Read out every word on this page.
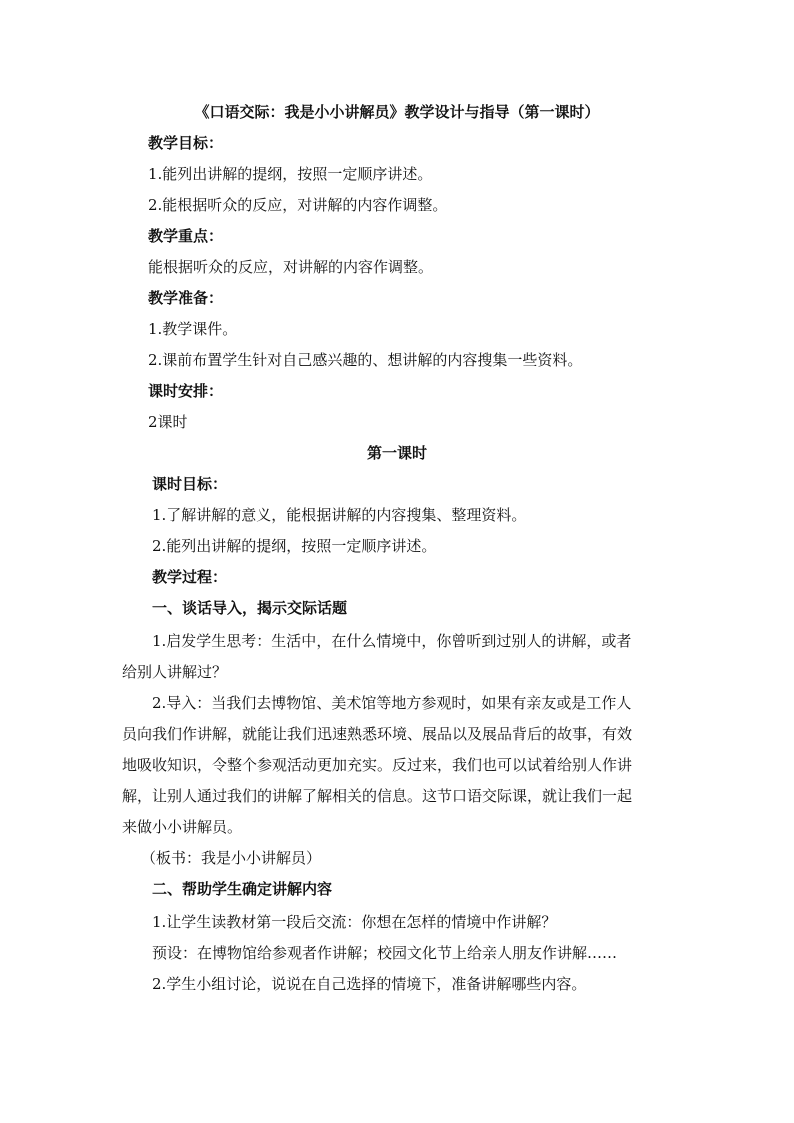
《口语交际：我是小小讲解员》教学设计与指导（第一课时）
教学目标：
1.能列出讲解的提纲，按照一定顺序讲述。
2.能根据听众的反应，对讲解的内容作调整。
教学重点：
能根据听众的反应，对讲解的内容作调整。
教学准备：
1.教学课件。
2.课前布置学生针对自己感兴趣的、想讲解的内容搜集一些资料。
课时安排：
2课时
第一课时
课时目标：
1.了解讲解的意义，能根据讲解的内容搜集、整理资料。
2.能列出讲解的提纲，按照一定顺序讲述。
教学过程：
一、谈话导入，揭示交际话题
1.启发学生思考：生活中，在什么情境中，你曾听到过别人的讲解，或者
给别人讲解过？
2.导入：当我们去博物馆、美术馆等地方参观时，如果有亲友或是工作人
员向我们作讲解，就能让我们迅速熟悉环境、展品以及展品背后的故事，有效
地吸收知识，令整个参观活动更加充实。反过来，我们也可以试着给别人作讲
解，让别人通过我们的讲解了解相关的信息。这节口语交际课，就让我们一起
来做小小讲解员。
（板书：我是小小讲解员）
二、帮助学生确定讲解内容
1.让学生读教材第一段后交流：你想在怎样的情境中作讲解？
预设：在博物馆给参观者作讲解；校园文化节上给亲人朋友作讲解……
2.学生小组讨论，说说在自己选择的情境下，准备讲解哪些内容。
